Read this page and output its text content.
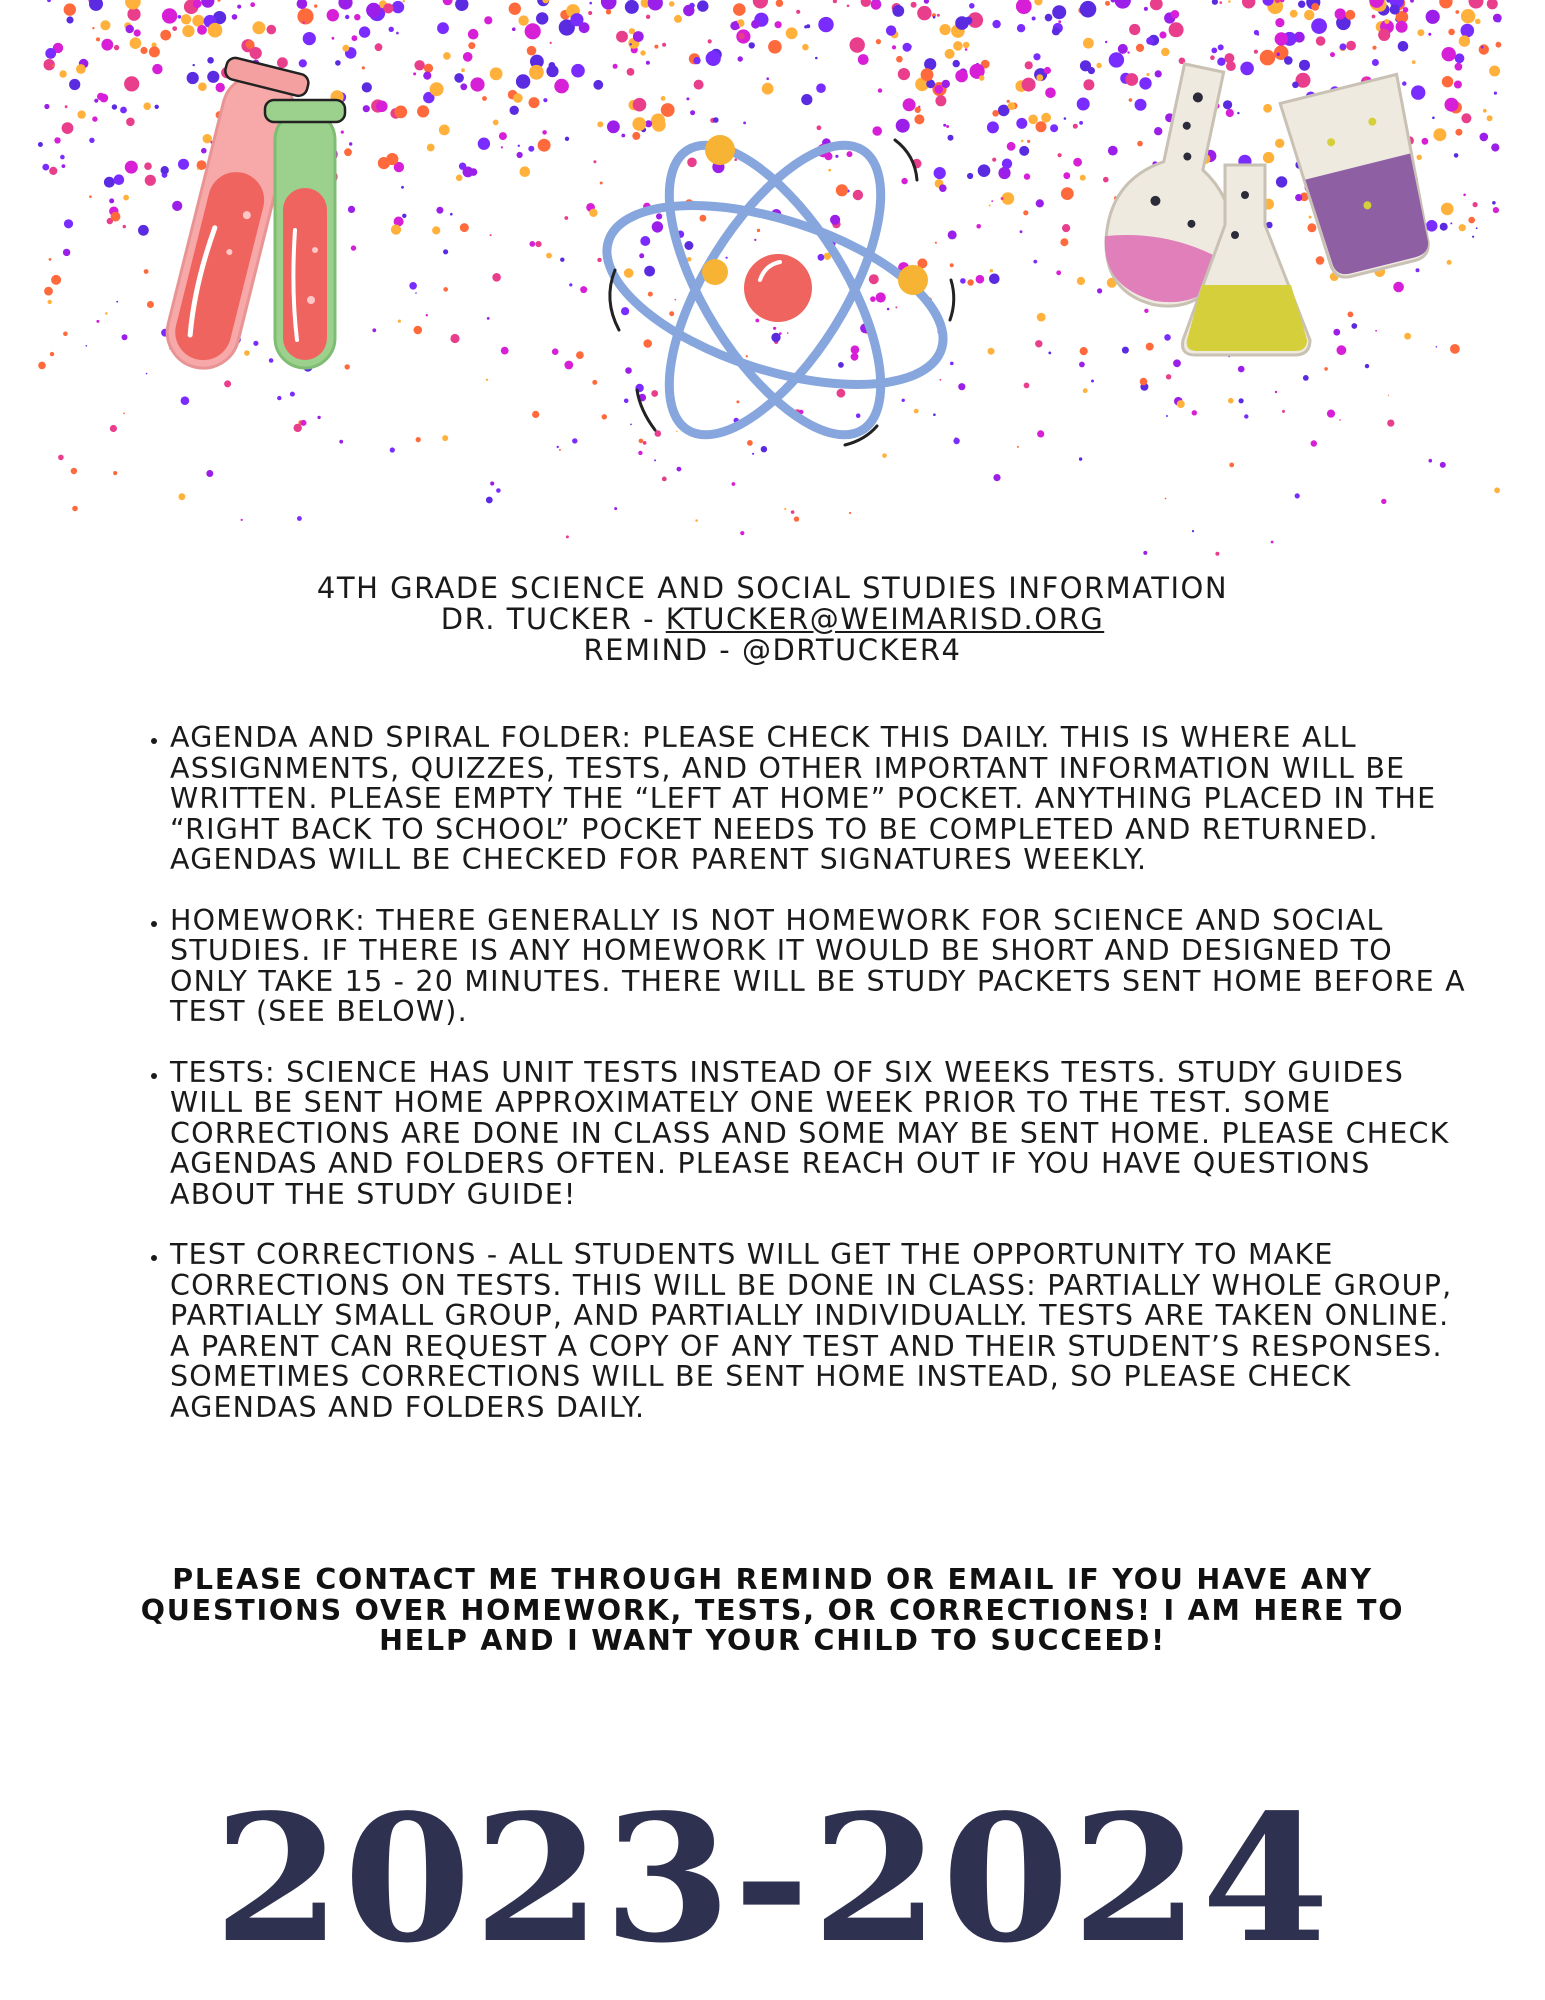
4TH GRADE SCIENCE AND SOCIAL STUDIES INFORMATION
DR. TUCKER - KTUCKER@WEIMARISD.ORG
REMIND - @DRTUCKER4
• AGENDA AND SPIRAL FOLDER: PLEASE CHECK THIS DAILY. THIS IS WHERE ALL ASSIGNMENTS, QUIZZES, TESTS, AND OTHER IMPORTANT INFORMATION WILL BE WRITTEN. PLEASE EMPTY THE “LEFT AT HOME” POCKET. ANYTHING PLACED IN THE “RIGHT BACK TO SCHOOL” POCKET NEEDS TO BE COMPLETED AND RETURNED. AGENDAS WILL BE CHECKED FOR PARENT SIGNATURES WEEKLY.
• HOMEWORK: THERE GENERALLY IS NOT HOMEWORK FOR SCIENCE AND SOCIAL STUDIES. IF THERE IS ANY HOMEWORK IT WOULD BE SHORT AND DESIGNED TO ONLY TAKE 15 - 20 MINUTES. THERE WILL BE STUDY PACKETS SENT HOME BEFORE A TEST (SEE BELOW).
• TESTS: SCIENCE HAS UNIT TESTS INSTEAD OF SIX WEEKS TESTS. STUDY GUIDES WILL BE SENT HOME APPROXIMATELY ONE WEEK PRIOR TO THE TEST. SOME CORRECTIONS ARE DONE IN CLASS AND SOME MAY BE SENT HOME. PLEASE CHECK AGENDAS AND FOLDERS OFTEN. PLEASE REACH OUT IF YOU HAVE QUESTIONS ABOUT THE STUDY GUIDE!
• TEST CORRECTIONS - ALL STUDENTS WILL GET THE OPPORTUNITY TO MAKE CORRECTIONS ON TESTS. THIS WILL BE DONE IN CLASS: PARTIALLY WHOLE GROUP, PARTIALLY SMALL GROUP, AND PARTIALLY INDIVIDUALLY. TESTS ARE TAKEN ONLINE. A PARENT CAN REQUEST A COPY OF ANY TEST AND THEIR STUDENT’S RESPONSES. SOMETIMES CORRECTIONS WILL BE SENT HOME INSTEAD, SO PLEASE CHECK AGENDAS AND FOLDERS DAILY.
PLEASE CONTACT ME THROUGH REMIND OR EMAIL IF YOU HAVE ANY QUESTIONS OVER HOMEWORK, TESTS, OR CORRECTIONS! I AM HERE TO HELP AND I WANT YOUR CHILD TO SUCCEED!
2023-2024
